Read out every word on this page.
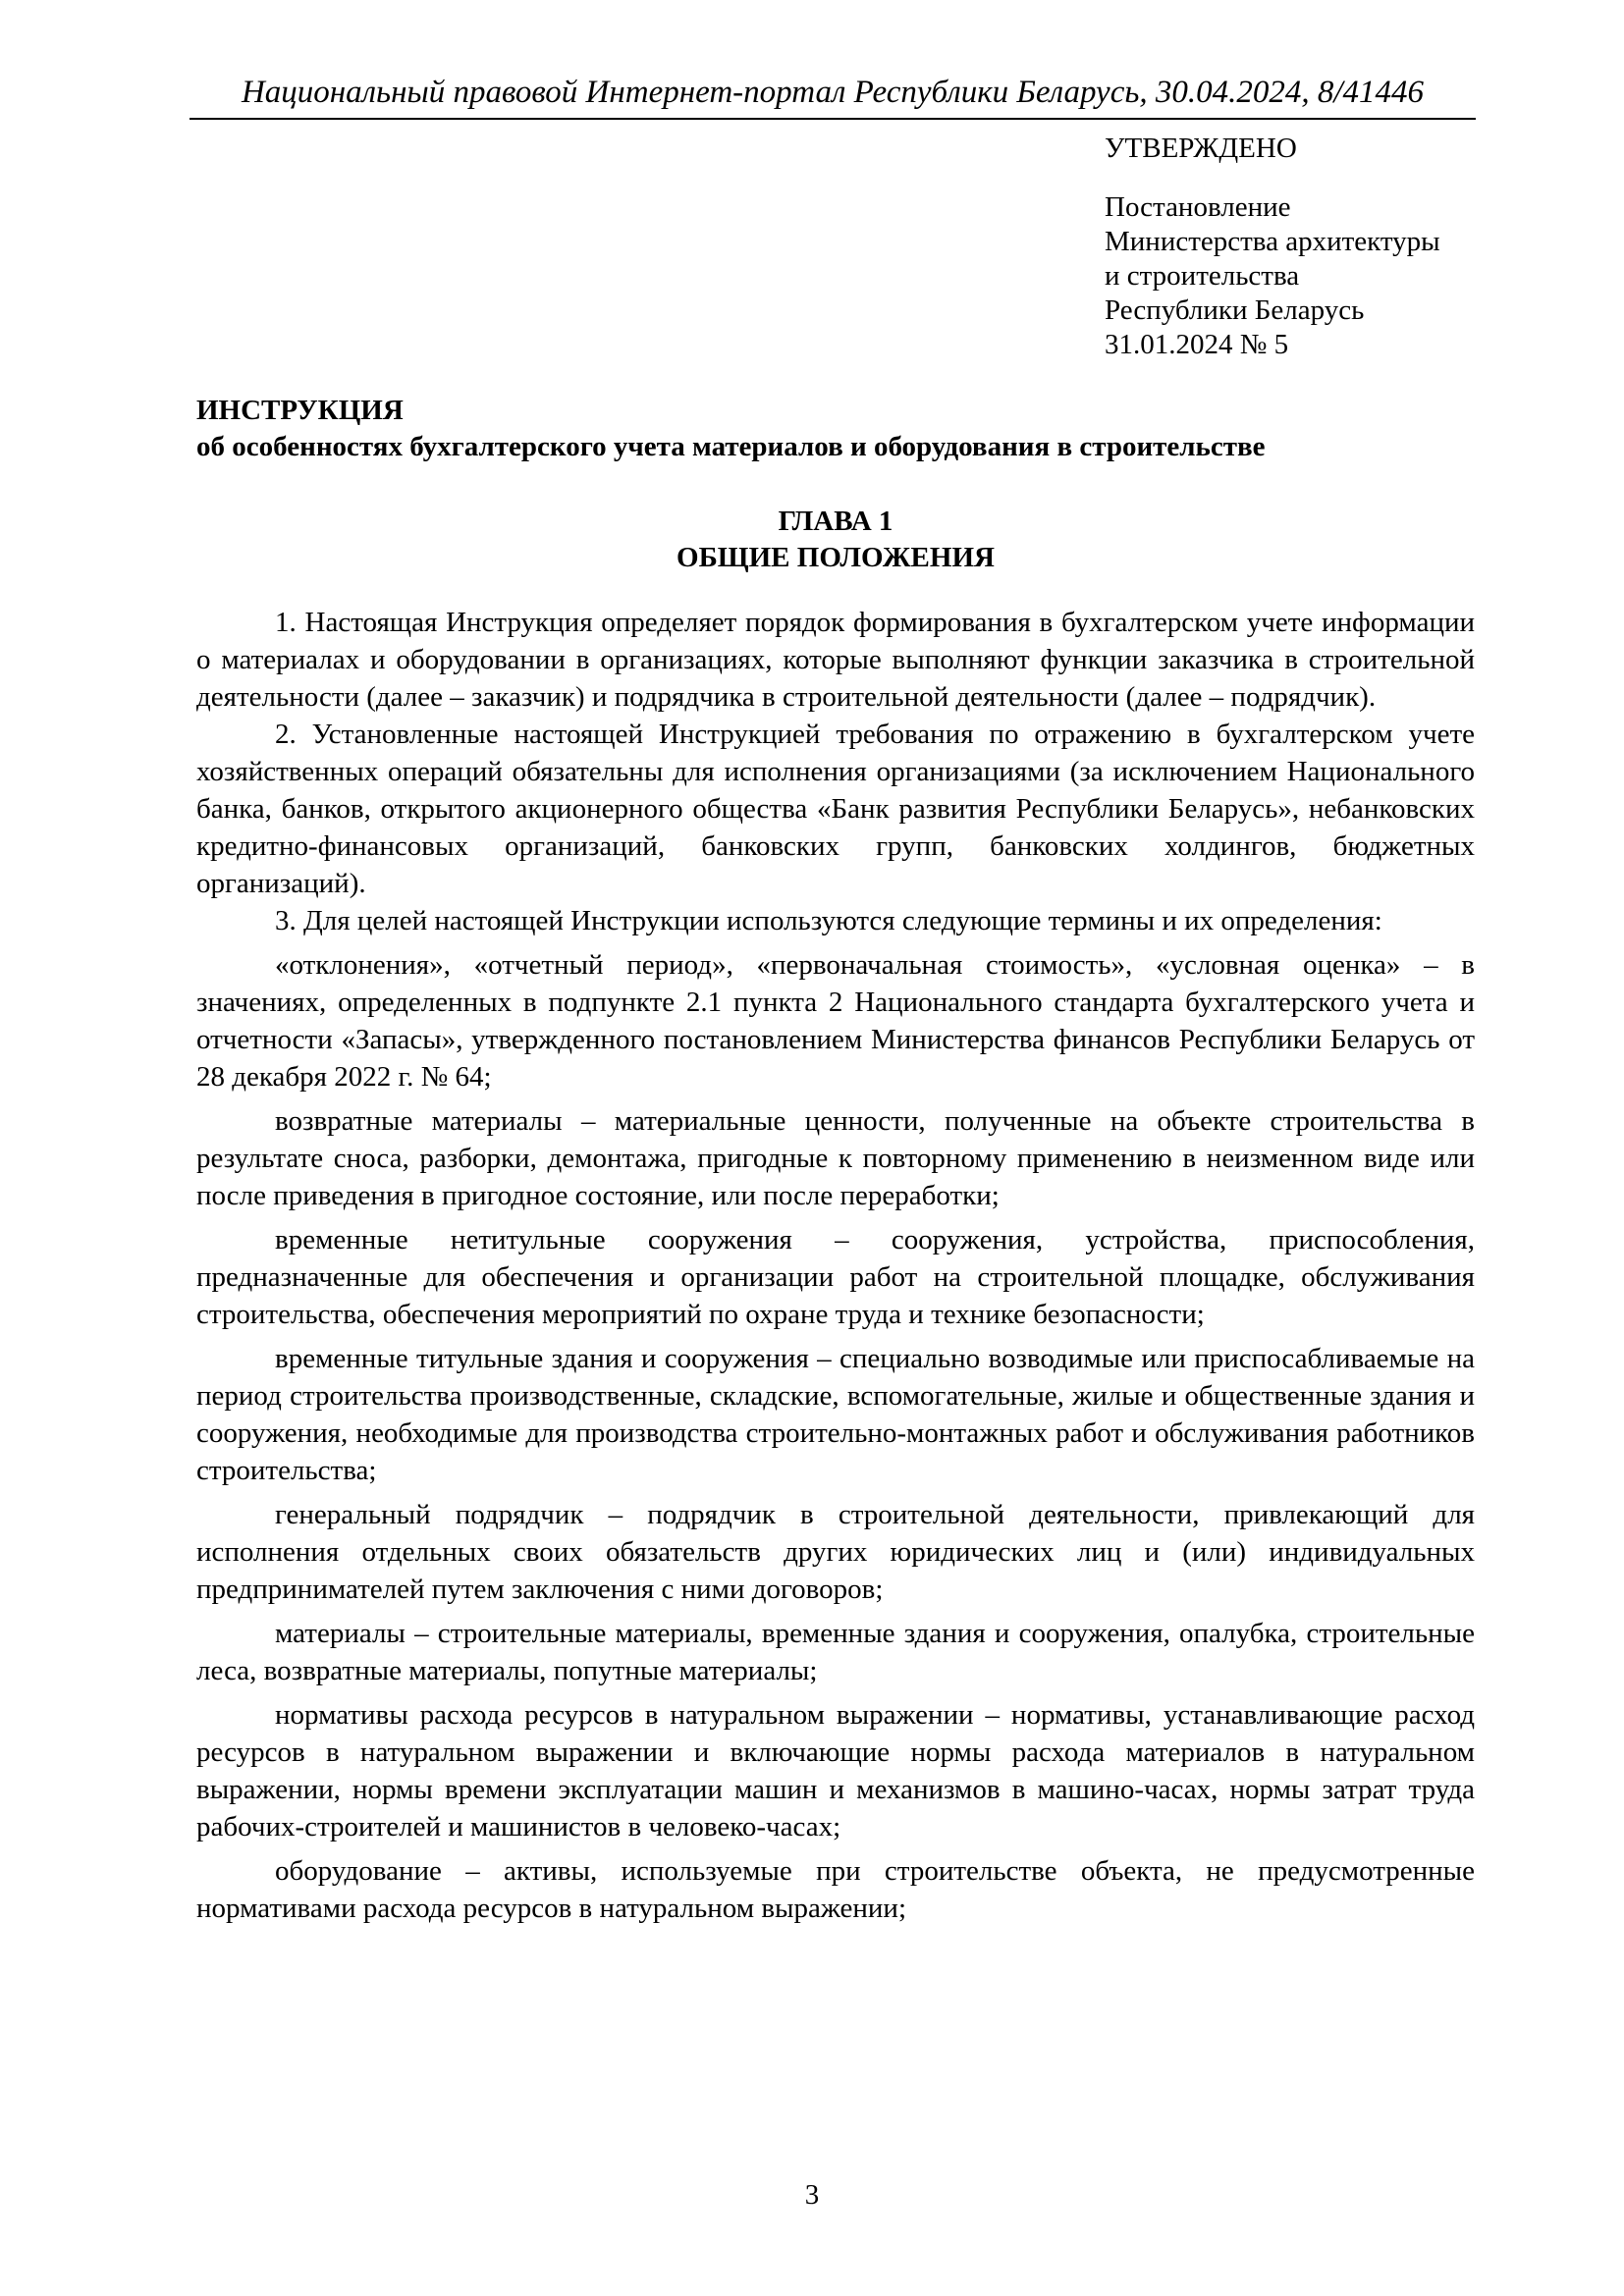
Национальный правовой Интернет-портал Республики Беларусь, 30.04.2024, 8/41446
УТВЕРЖДЕНО
Постановление
Министерства архитектуры
и строительства
Республики Беларусь
31.01.2024 № 5
ИНСТРУКЦИЯ
об особенностях бухгалтерского учета материалов и оборудования в строительстве
ГЛАВА 1
ОБЩИЕ ПОЛОЖЕНИЯ

1. Настоящая Инструкция определяет порядок формирования в бухгалтерском учете информации о материалах и оборудовании в организациях, которые выполняют функции заказчика в строительной деятельности (далее – заказчик) и подрядчика в строительной деятельности (далее – подрядчик).

2. Установленные настоящей Инструкцией требования по отражению в бухгалтерском учете хозяйственных операций обязательны для исполнения организациями (за исключением Национального банка, банков, открытого акционерного общества «Банк развития Республики Беларусь», небанковских кредитно-финансовых организаций, банковских групп, банковских холдингов, бюджетных организаций).

3. Для целей настоящей Инструкции используются следующие термины и их определения:

«отклонения», «отчетный период», «первоначальная стоимость», «условная оценка» – в значениях, определенных в подпункте 2.1 пункта 2 Национального стандарта бухгалтерского учета и отчетности «Запасы», утвержденного постановлением Министерства финансов Республики Беларусь от 28 декабря 2022 г. № 64;

возвратные материалы – материальные ценности, полученные на объекте строительства в результате сноса, разборки, демонтажа, пригодные к повторному применению в неизменном виде или после приведения в пригодное состояние, или после переработки;

временные нетитульные сооружения – сооружения, устройства, приспособления, предназначенные для обеспечения и организации работ на строительной площадке, обслуживания строительства, обеспечения мероприятий по охране труда и технике безопасности;

временные титульные здания и сооружения – специально возводимые или приспосабливаемые на период строительства производственные, складские, вспомогательные, жилые и общественные здания и сооружения, необходимые для производства строительно-монтажных работ и обслуживания работников строительства;

генеральный подрядчик – подрядчик в строительной деятельности, привлекающий для исполнения отдельных своих обязательств других юридических лиц и (или) индивидуальных предпринимателей путем заключения с ними договоров;

материалы – строительные материалы, временные здания и сооружения, опалубка, строительные леса, возвратные материалы, попутные материалы;

нормативы расхода ресурсов в натуральном выражении – нормативы, устанавливающие расход ресурсов в натуральном выражении и включающие нормы расхода материалов в натуральном выражении, нормы времени эксплуатации машин и механизмов в машино-часах, нормы затрат труда рабочих-строителей и машинистов в человеко-часах;

оборудование – активы, используемые при строительстве объекта, не предусмотренные нормативами расхода ресурсов в натуральном выражении;

3
